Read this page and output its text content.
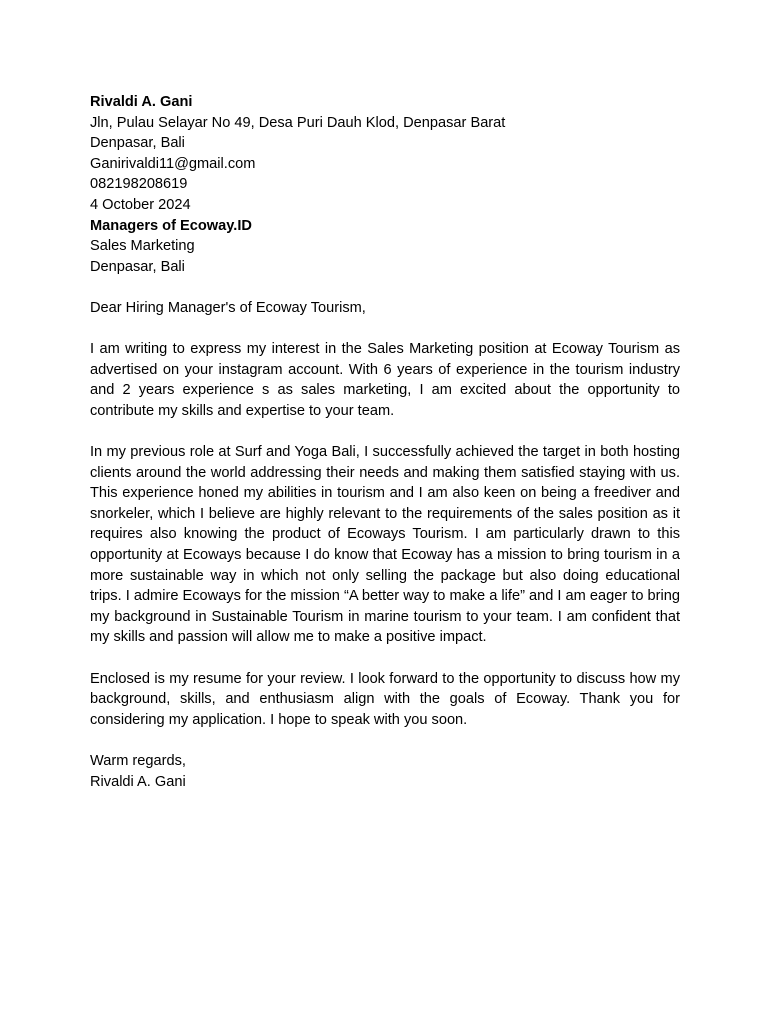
Rivaldi A. Gani
Jln, Pulau Selayar No 49, Desa Puri Dauh Klod, Denpasar Barat
Denpasar, Bali
Ganirivaldi11@gmail.com
082198208619
4 October 2024
Managers of Ecoway.ID
Sales Marketing
Denpasar, Bali
Dear Hiring Manager's of Ecoway Tourism,

I am writing to express my interest in the Sales Marketing position at Ecoway Tourism as advertised on your instagram account. With 6 years of experience in the tourism industry and 2 years experience s as sales marketing, I am excited about the opportunity to contribute my skills and expertise to your team.

In my previous role at Surf and Yoga Bali, I successfully achieved the target in both hosting clients around the world addressing their needs and making them satisfied staying with us. This experience honed my abilities in tourism and I am also keen on being a freediver and snorkeler, which I believe are highly relevant to the requirements of the sales position as it requires also knowing the product of Ecoways Tourism. I am particularly drawn to this opportunity at Ecoways because I do know that Ecoway has a mission to bring tourism in a more sustainable way in which not only selling the package but also doing educational trips. I admire Ecoways for the mission “A better way to make a life” and I am eager to bring my background in Sustainable Tourism in marine tourism to your team. I am confident that my skills and passion will allow me to make a positive impact.

Enclosed is my resume for your review. I look forward to the opportunity to discuss how my background, skills, and enthusiasm align with the goals of Ecoway. Thank you for considering my application. I hope to speak with you soon.

Warm regards,
Rivaldi A. Gani
